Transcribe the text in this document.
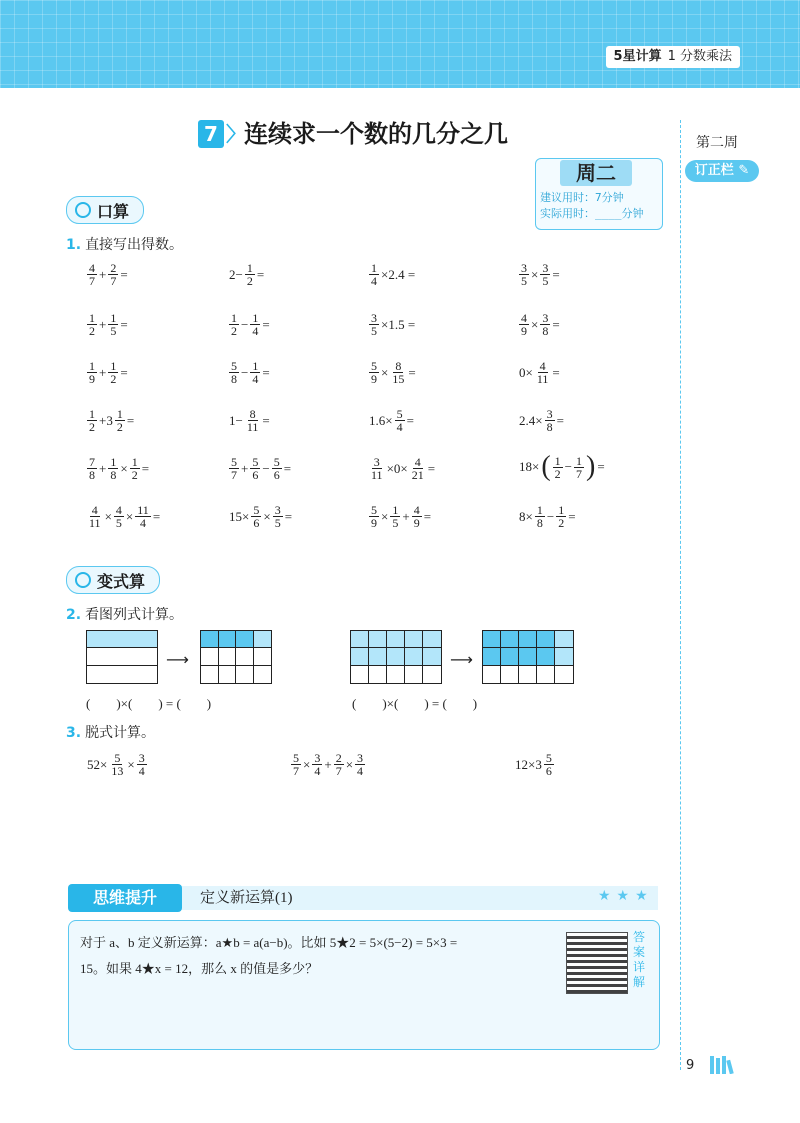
5星计算 1 分数乘法
第二周
订正栏 ✎
7 〉
连续求一个数的几分之几
周二
建议用时：7分钟
实际用时：____分钟
口算
1. 直接写出得数。
$\frac{4}{7} + \frac{2}{7}$ =	$2- \frac{1}{2}$ =	$\frac{1}{4} \times 2.4$ =	$\frac{3}{5} \times \frac{3}{5}$ =
$\frac{1}{2} + \frac{1}{5}$ =	$\frac{1}{2} - \frac{1}{4}$ =	$\frac{3}{5} \times 1.5$ =	$\frac{4}{9} \times \frac{3}{8}$ =
$\frac{1}{9} + \frac{1}{2}$ =	$\frac{5}{8} - \frac{1}{4}$ =	$\frac{5}{9} \times \frac{8}{15}$ =	$0\times \frac{4}{11}$ =
$\frac{1}{2} +3 \frac{1}{2}$ =	$1- \frac{8}{11}$ =	$1.6\times \frac{5}{4}$ =	$2.4\times \frac{3}{8}$ =
$\frac{7}{8} + \frac{1}{8} \times \frac{1}{2}$ =	$\frac{5}{7} + \frac{5}{6} - \frac{5}{6}$ =	$\frac{3}{11} \times 0\times \frac{4}{21}$ =	18× ( $\frac{1}{2} - \frac{1}{7}$ ) =
$\frac{4}{11} \times \frac{4}{5} \times \frac{11}{4}$ =	$15\times \frac{5}{6} \times \frac{3}{5}$ =	$\frac{5}{9} \times \frac{1}{5} + \frac{4}{9}$ =	$8\times \frac{1}{8} - \frac{1}{2}$ =
变式算
2. 看图列式计算。
⟶
(        )×(        ) = (        )
⟶
(        )×(        ) = (        )
3. 脱式计算。
$52\times \frac{5}{13} \times \frac{3}{4}$	$\frac{5}{7} \times \frac{3}{4} + \frac{2}{7} \times \frac{3}{4}$	$12\times 3 \frac{5}{6}$
思维提升	定义新运算(1)	★★★
对于 a、b 定义新运算：a★b = a(a−b)。比如 5★2 = 5×(5−2) = 5×3 =
15。如果 4★x = 12，那么 x 的值是多少？
答案详解
9
